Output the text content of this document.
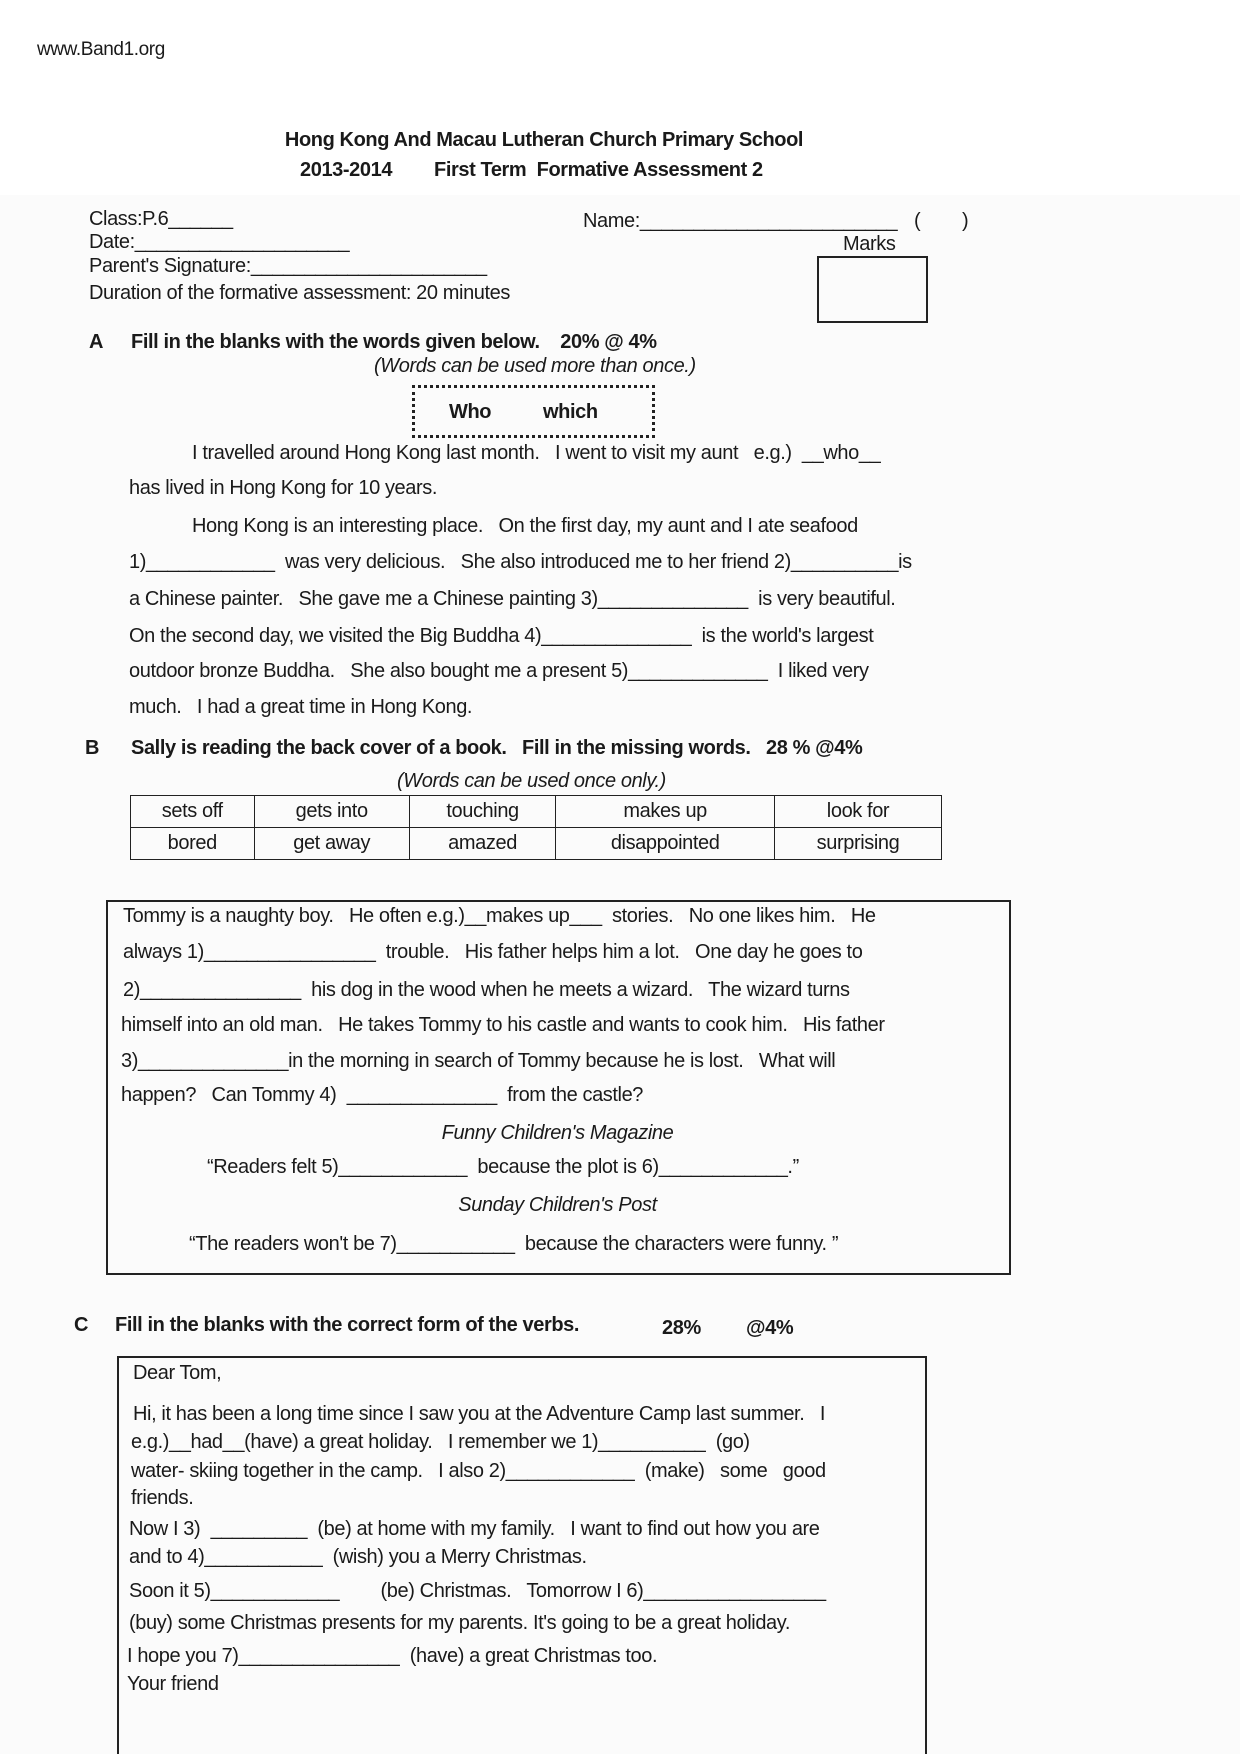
www.Band1.org
Hong Kong And Macau Lutheran Church Primary School
2013-2014 First Term  Formative Assessment 2
Class:P.6______
Date:____________________
Parent's Signature:______________________
Duration of the formative assessment: 20 minutes
Name:________________________ ( )
Marks
A Fill in the blanks with the words given below.    20% @ 4%
(Words can be used more than once.)
Who	which
I travelled around Hong Kong last month.   I went to visit my aunt   e.g.)  __who__
has lived in Hong Kong for 10 years.
Hong Kong is an interesting place.   On the first day, my aunt and I ate seafood
1)____________  was very delicious.   She also introduced me to her friend 2)__________is
a Chinese painter.   She gave me a Chinese painting 3)______________  is very beautiful.
On the second day, we visited the Big Buddha 4)______________  is the world's largest
outdoor bronze Buddha.   She also bought me a present 5)_____________  I liked very
much.   I had a great time in Hong Kong.
B Sally is reading the back cover of a book.   Fill in the missing words.   28 % @4%
(Words can be used once only.)
sets off	gets into	touching	makes up	look for
bored	get away	amazed	disappointed	surprising
Tommy is a naughty boy.   He often e.g.)__makes up___  stories.   No one likes him.   He
always 1)________________  trouble.   His father helps him a lot.   One day he goes to
2)_______________  his dog in the wood when he meets a wizard.   The wizard turns
himself into an old man.   He takes Tommy to his castle and wants to cook him.   His father
3)______________in the morning in search of Tommy because he is lost.   What will
happen?   Can Tommy 4)  ______________  from the castle?
Funny Children's Magazine
“Readers felt 5)____________  because the plot is 6)____________.”
Sunday Children's Post
“The readers won't be 7)___________  because the characters were funny. ”
C Fill in the blanks with the correct form of the verbs.	28% @4%
Dear Tom,
Hi, it has been a long time since I saw you at the Adventure Camp last summer.   I
e.g.)__had__(have) a great holiday.   I remember we 1)__________  (go)
water- skiing together in the camp.   I also 2)____________  (make)   some   good
friends.
Now I 3)  _________  (be) at home with my family.   I want to find out how you are
and to 4)___________  (wish) you a Merry Christmas.
Soon it 5)____________        (be) Christmas.   Tomorrow I 6)_________________
(buy) some Christmas presents for my parents. It's going to be a great holiday.
I hope you 7)_______________  (have) a great Christmas too.
Your friend
